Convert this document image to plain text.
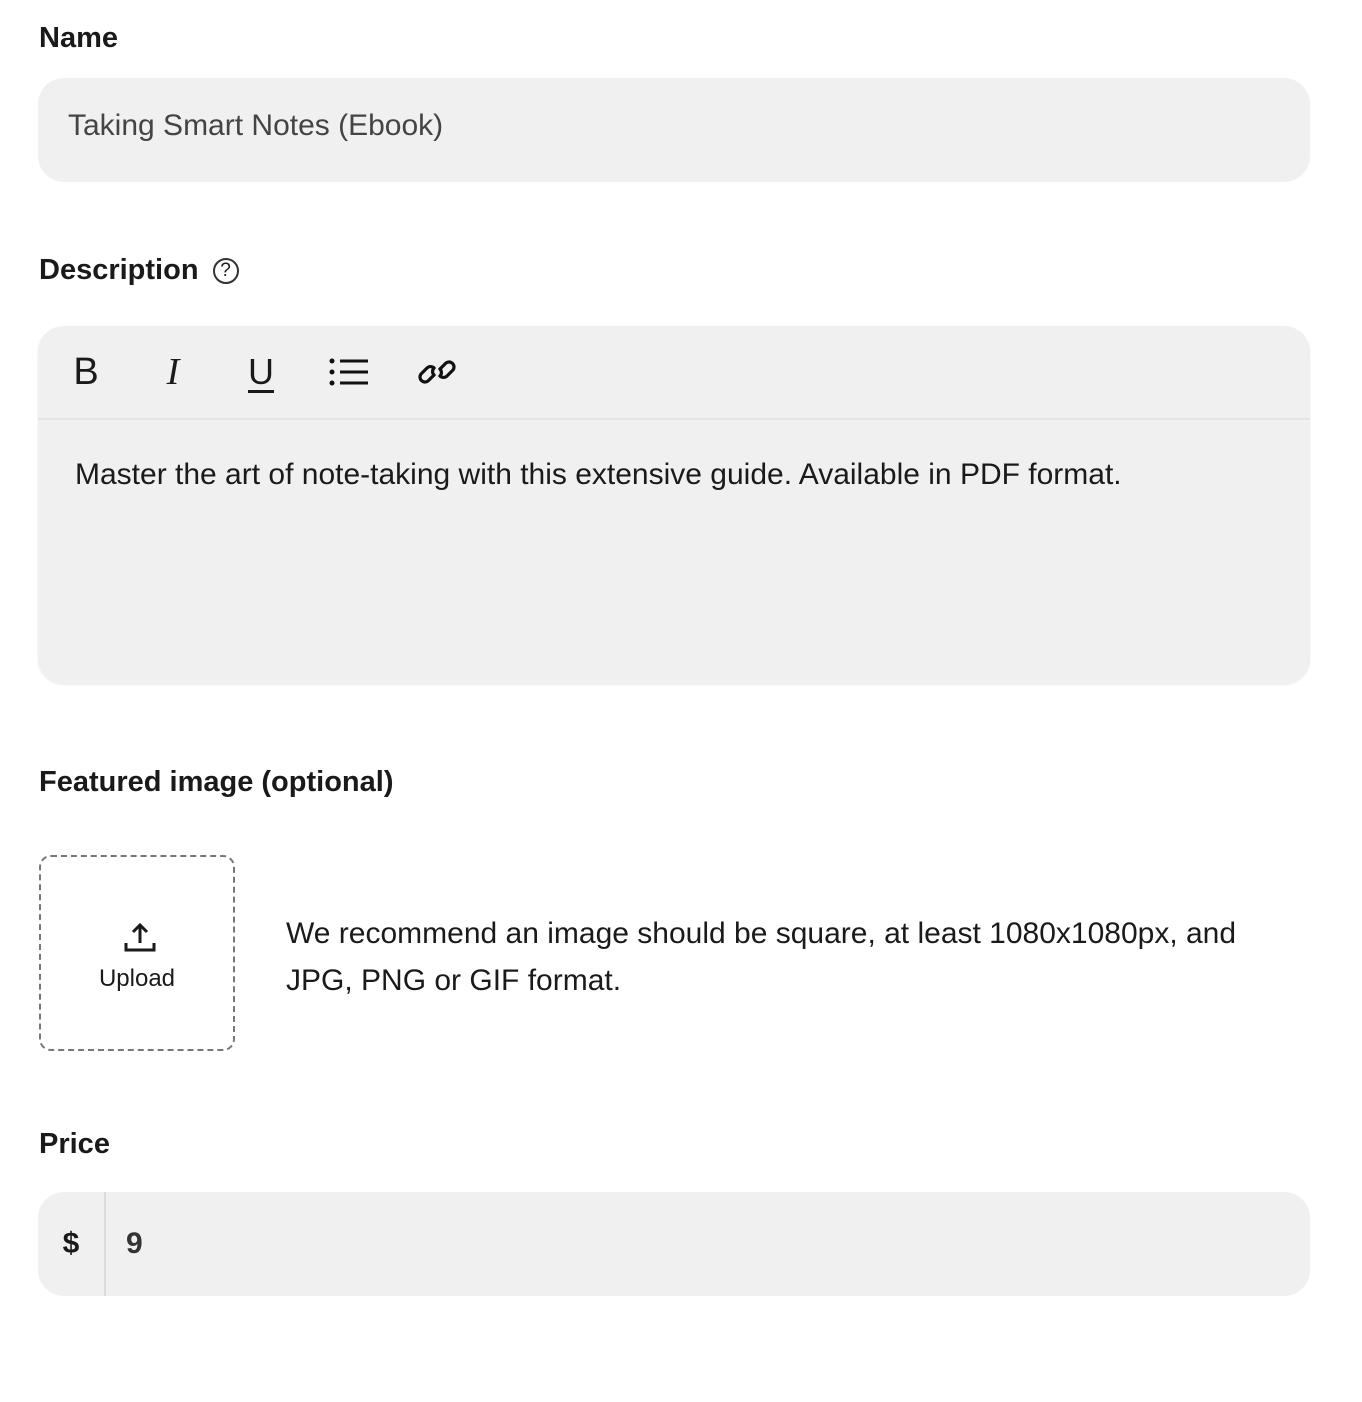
Name
Taking Smart Notes (Ebook)
Description ?
B I U
Master the art of note-taking with this extensive guide. Available in PDF format.
Featured image (optional)
Upload
We recommend an image should be square, at least 1080x1080px, and JPG, PNG or GIF format.
Price
$
9
